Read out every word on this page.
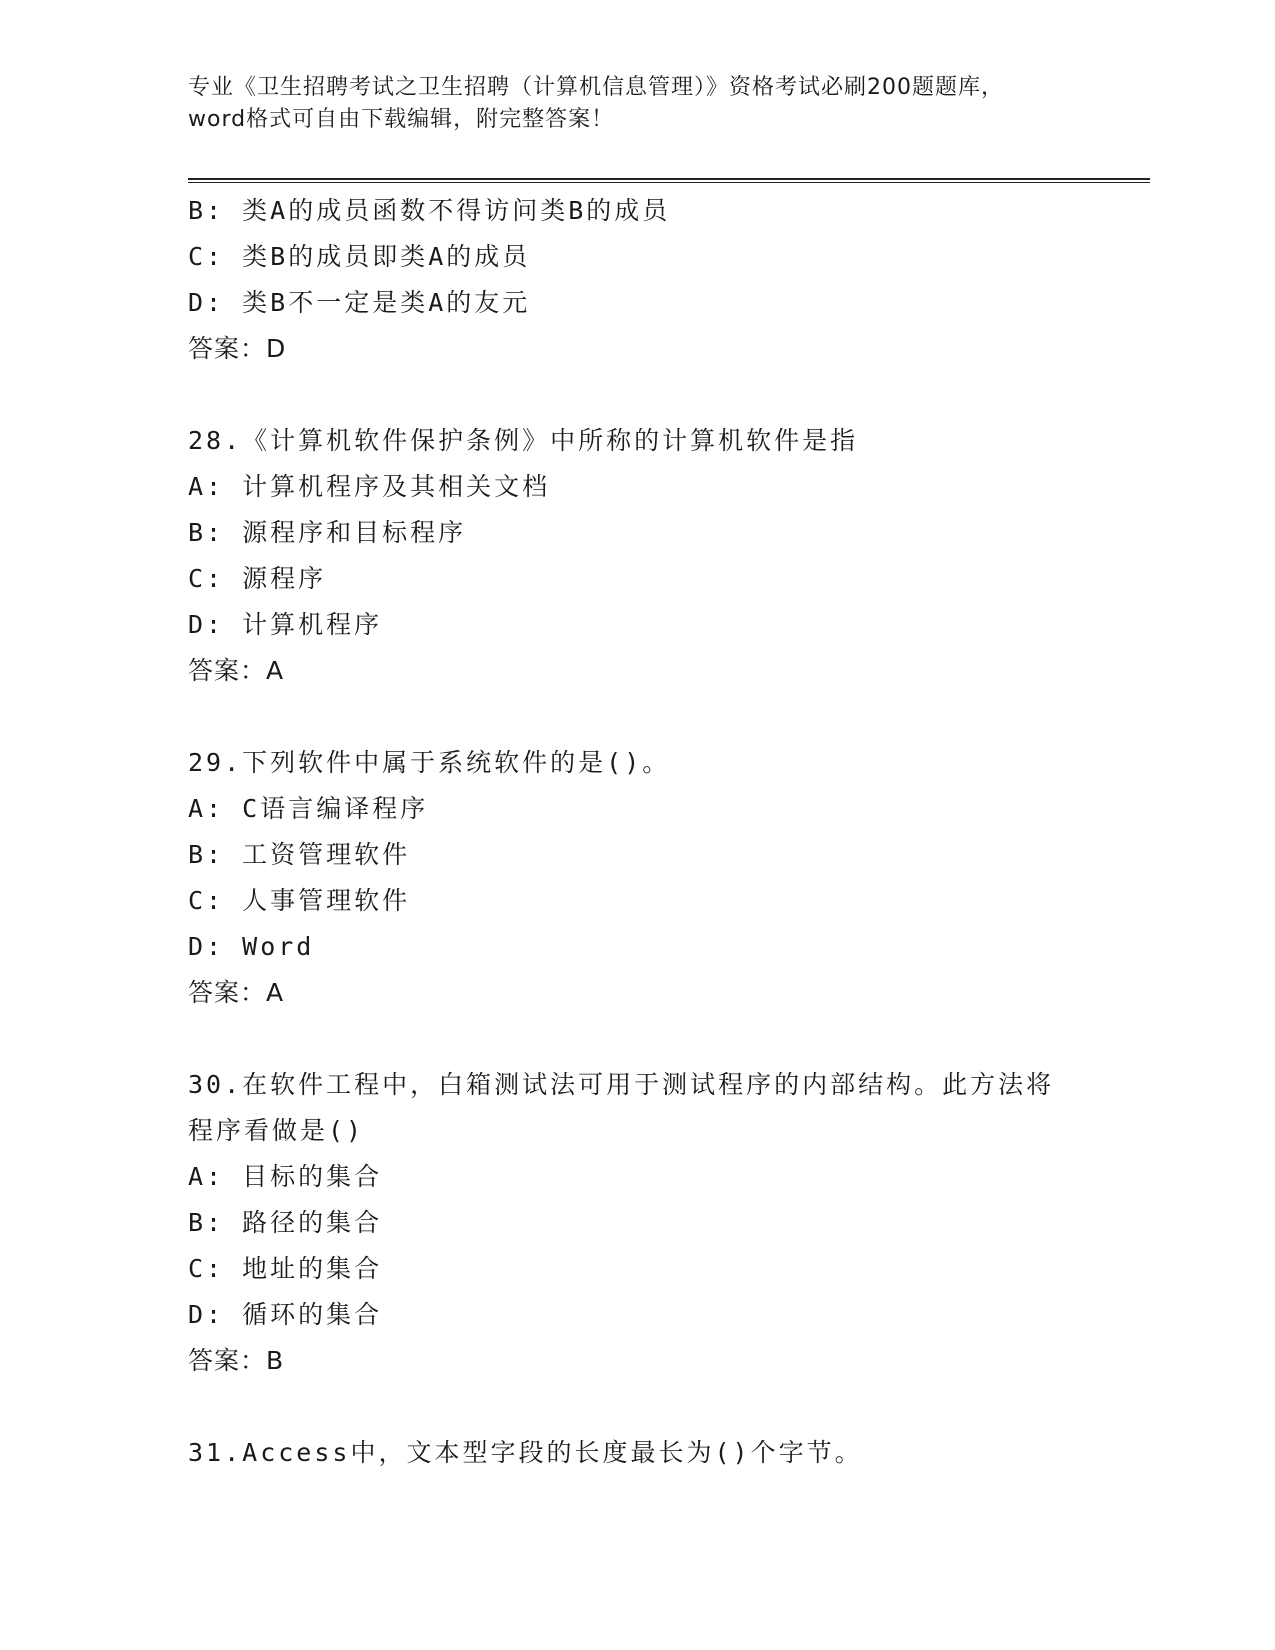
专业《卫生招聘考试之卫生招聘（计算机信息管理）》资格考试必刷200题题库，
word格式可自由下载编辑，附完整答案！
B: 类A的成员函数不得访问类B的成员
C: 类B的成员即类A的成员
D: 类B不一定是类A的友元
答案：D
28.《计算机软件保护条例》中所称的计算机软件是指
A: 计算机程序及其相关文档
B: 源程序和目标程序
C: 源程序
D: 计算机程序
答案：A
29.下列软件中属于系统软件的是()。
A: C语言编译程序
B: 工资管理软件
C: 人事管理软件
D: Word
答案：A
30.在软件工程中，白箱测试法可用于测试程序的内部结构。此方法将
程序看做是()
A: 目标的集合
B: 路径的集合
C: 地址的集合
D: 循环的集合
答案：B
31.Access中，文本型字段的长度最长为()个字节。
